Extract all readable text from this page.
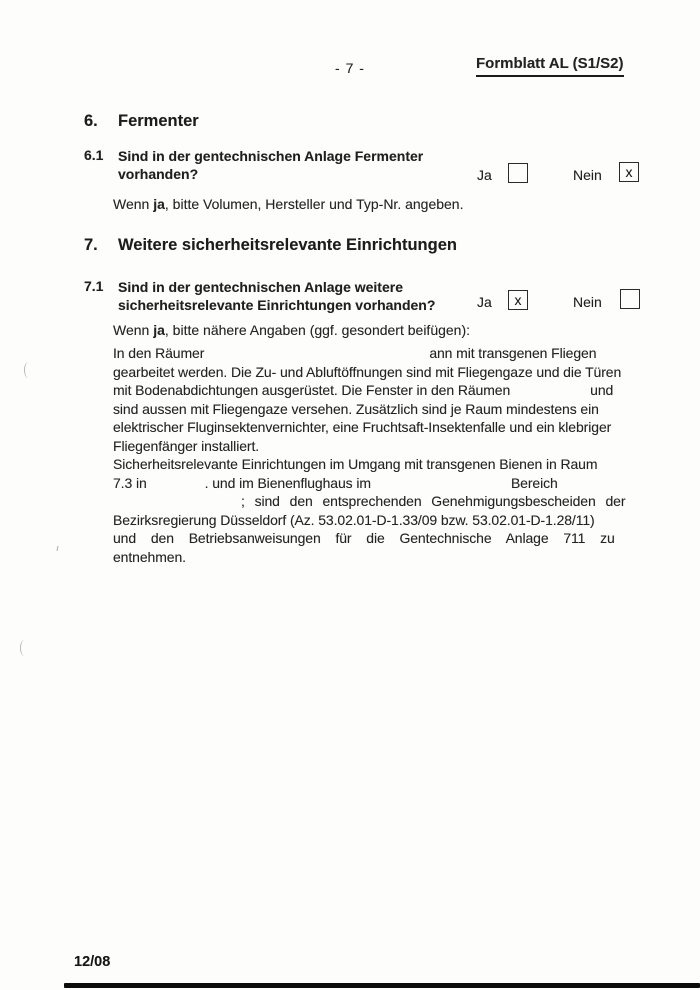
- 7 -	Formblatt AL (S1/S2)
6. Fermenter
6.1 Sind in der gentechnischen Anlage Fermenter vorhanden?	Ja	Nein x
Wenn ja, bitte Volumen, Hersteller und Typ-Nr. angeben.
7. Weitere sicherheitsrelevante Einrichtungen
7.1 Sind in der gentechnischen Anlage weitere
sicherheitsrelevante Einrichtungen vorhanden?	Ja x	Nein
Wenn ja, bitte nähere Angaben (ggf. gesondert beifügen):
In den Räumer	ann mit transgenen Fliegen
gearbeitet werden. Die Zu- und Abluftöffnungen sind mit Fliegengaze und die Türen
mit Bodenabdichtungen ausgerüstet. Die Fenster in den Räumen	und
sind aussen mit Fliegengaze versehen. Zusätzlich sind je Raum mindestens ein
elektrischer Fluginsektenvernichter, eine Fruchtsaft-Insektenfalle und ein klebriger
Fliegenfänger installiert.
Sicherheitsrelevante Einrichtungen im Umgang mit transgenen Bienen in Raum
7.3 in	. und im Bienenflughaus im	Bereich
; sind den entsprechenden Genehmigungsbescheiden der
Bezirksregierung Düsseldorf (Az. 53.02.01-D-1.33/09 bzw. 53.02.01-D-1.28/11)
und den Betriebsanweisungen für die Gentechnische Anlage 711 zu
entnehmen.
12/08
